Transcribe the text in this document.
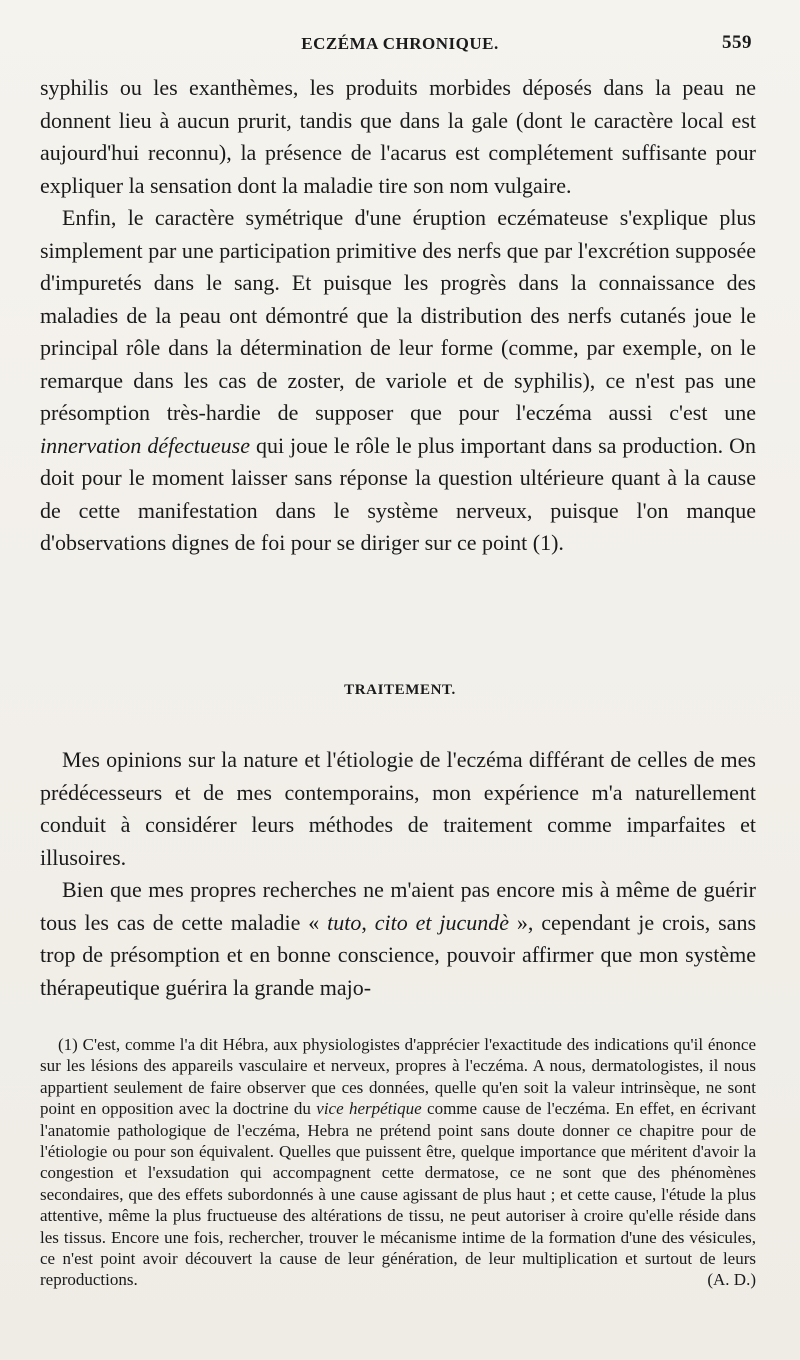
ECZÉMA CHRONIQUE.	559

syphilis ou les exanthèmes, les produits morbides déposés dans la peau ne donnent lieu à aucun prurit, tandis que dans la gale (dont le caractère local est aujourd'hui reconnu), la présence de l'acarus est complétement suffisante pour expliquer la sensation dont la maladie tire son nom vulgaire.

Enfin, le caractère symétrique d'une éruption eczémateuse s'explique plus simplement par une participation primitive des nerfs que par l'excrétion supposée d'impuretés dans le sang. Et puisque les progrès dans la connaissance des maladies de la peau ont démontré que la distribution des nerfs cutanés joue le principal rôle dans la détermination de leur forme (comme, par exemple, on le remarque dans les cas de zoster, de variole et de syphilis), ce n'est pas une présomption très-hardie de supposer que pour l'eczéma aussi c'est une innervation défectueuse qui joue le rôle le plus important dans sa production. On doit pour le moment laisser sans réponse la question ultérieure quant à la cause de cette manifestation dans le système nerveux, puisque l'on manque d'observations dignes de foi pour se diriger sur ce point (1).

TRAITEMENT.

Mes opinions sur la nature et l'étiologie de l'eczéma différant de celles de mes prédécesseurs et de mes contemporains, mon expérience m'a naturellement conduit à considérer leurs méthodes de traitement comme imparfaites et illusoires.

Bien que mes propres recherches ne m'aient pas encore mis à même de guérir tous les cas de cette maladie « tuto, cito et jucundè », cependant je crois, sans trop de présomption et en bonne conscience, pouvoir affirmer que mon système thérapeutique guérira la grande majo-

(1) C'est, comme l'a dit Hébra, aux physiologistes d'apprécier l'exactitude des indications qu'il énonce sur les lésions des appareils vasculaire et nerveux, propres à l'eczéma. A nous, dermatologistes, il nous appartient seulement de faire observer que ces données, quelle qu'en soit la valeur intrinsèque, ne sont point en opposition avec la doctrine du vice herpétique comme cause de l'eczéma. En effet, en écrivant l'anatomie pathologique de l'eczéma, Hebra ne prétend point sans doute donner ce chapitre pour de l'étiologie ou pour son équivalent. Quelles que puissent être, quelque importance que méritent d'avoir la congestion et l'exsudation qui accompagnent cette dermatose, ce ne sont que des phénomènes secondaires, que des effets subordonnés à une cause agissant de plus haut ; et cette cause, l'étude la plus attentive, même la plus fructueuse des altérations de tissu, ne peut autoriser à croire qu'elle réside dans les tissus. Encore une fois, rechercher, trouver le mécanisme intime de la formation d'une des vésicules, ce n'est point avoir découvert la cause de leur génération, de leur multiplication et surtout de leurs reproductions.	(A. D.)
